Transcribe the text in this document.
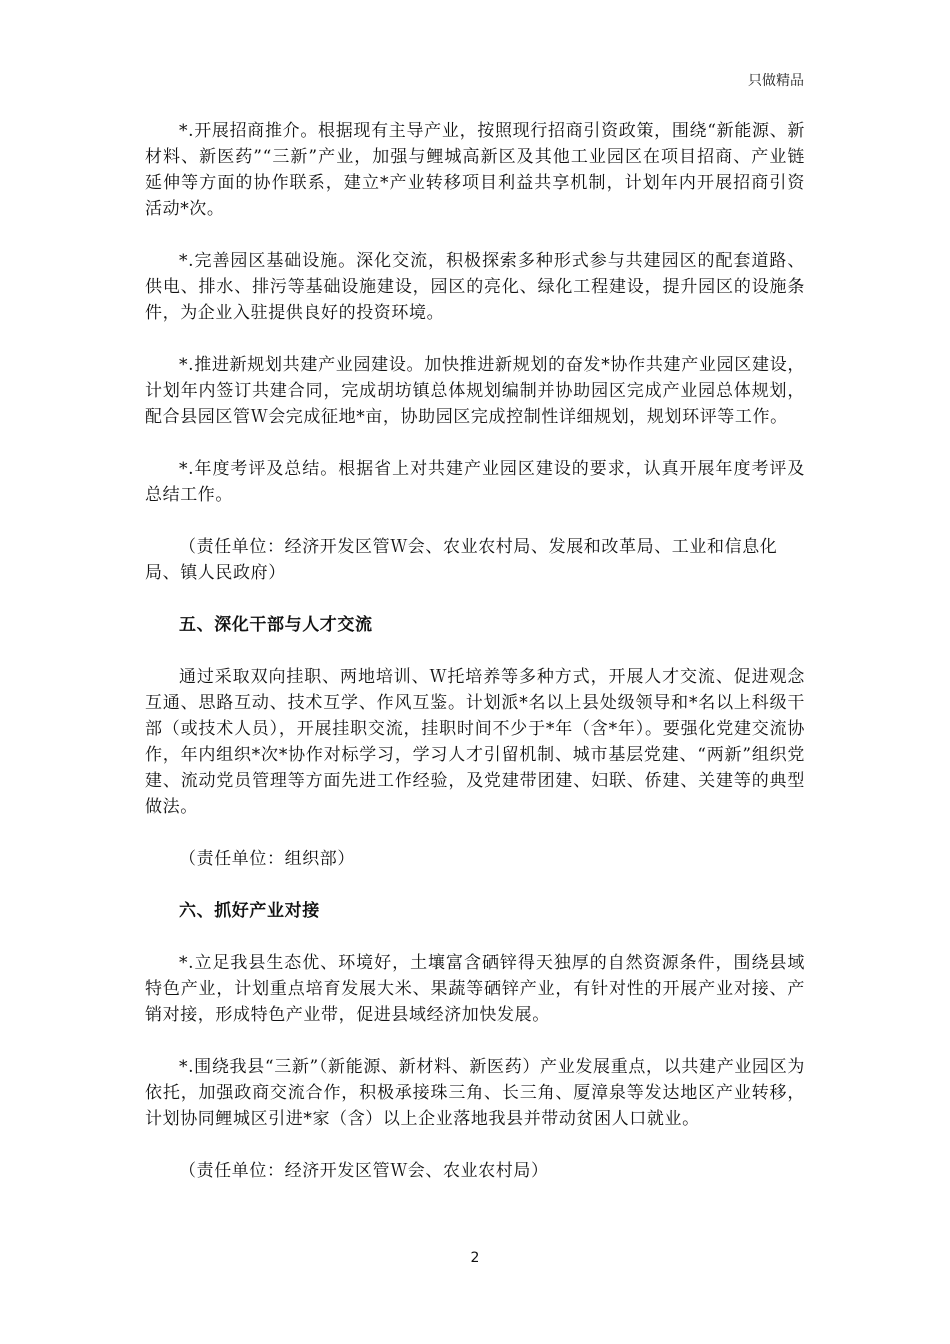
只做精品

*.开展招商推介。根据现有主导产业，按照现行招商引资政策，围绕“新能源、新材料、新医药”“三新”产业，加强与鲤城高新区及其他工业园区在项目招商、产业链延伸等方面的协作联系，建立*产业转移项目利益共享机制，计划年内开展招商引资活动*次。

*.完善园区基础设施。深化交流，积极探索多种形式参与共建园区的配套道路、供电、排水、排污等基础设施建设，园区的亮化、绿化工程建设，提升园区的设施条件，为企业入驻提供良好的投资环境。

*.推进新规划共建产业园建设。加快推进新规划的奋发*协作共建产业园区建设，计划年内签订共建合同，完成胡坊镇总体规划编制并协助园区完成产业园总体规划，配合县园区管Ｗ会完成征地*亩，协助园区完成控制性详细规划，规划环评等工作。

*.年度考评及总结。根据省上对共建产业园区建设的要求，认真开展年度考评及总结工作。

（责任单位：经济开发区管Ｗ会、农业农村局、发展和改革局、工业和信息化局、镇人民政府）

五、深化干部与人才交流

通过采取双向挂职、两地培训、Ｗ托培养等多种方式，开展人才交流、促进观念互通、思路互动、技术互学、作风互鉴。计划派*名以上县处级领导和*名以上科级干部（或技术人员），开展挂职交流，挂职时间不少于*年（含*年）。要强化党建交流协作，年内组织*次*协作对标学习，学习人才引留机制、城市基层党建、“两新”组织党建、流动党员管理等方面先进工作经验，及党建带团建、妇联、侨建、关建等的典型做法。

（责任单位：组织部）

六、抓好产业对接

*.立足我县生态优、环境好，土壤富含硒锌得天独厚的自然资源条件，围绕县域特色产业，计划重点培育发展大米、果蔬等硒锌产业，有针对性的开展产业对接、产销对接，形成特色产业带，促进县域经济加快发展。

*.围绕我县“三新”（新能源、新材料、新医药）产业发展重点，以共建产业园区为依托，加强政商交流合作，积极承接珠三角、长三角、厦漳泉等发达地区产业转移，计划协同鲤城区引进*家（含）以上企业落地我县并带动贫困人口就业。

（责任单位：经济开发区管Ｗ会、农业农村局）

2
